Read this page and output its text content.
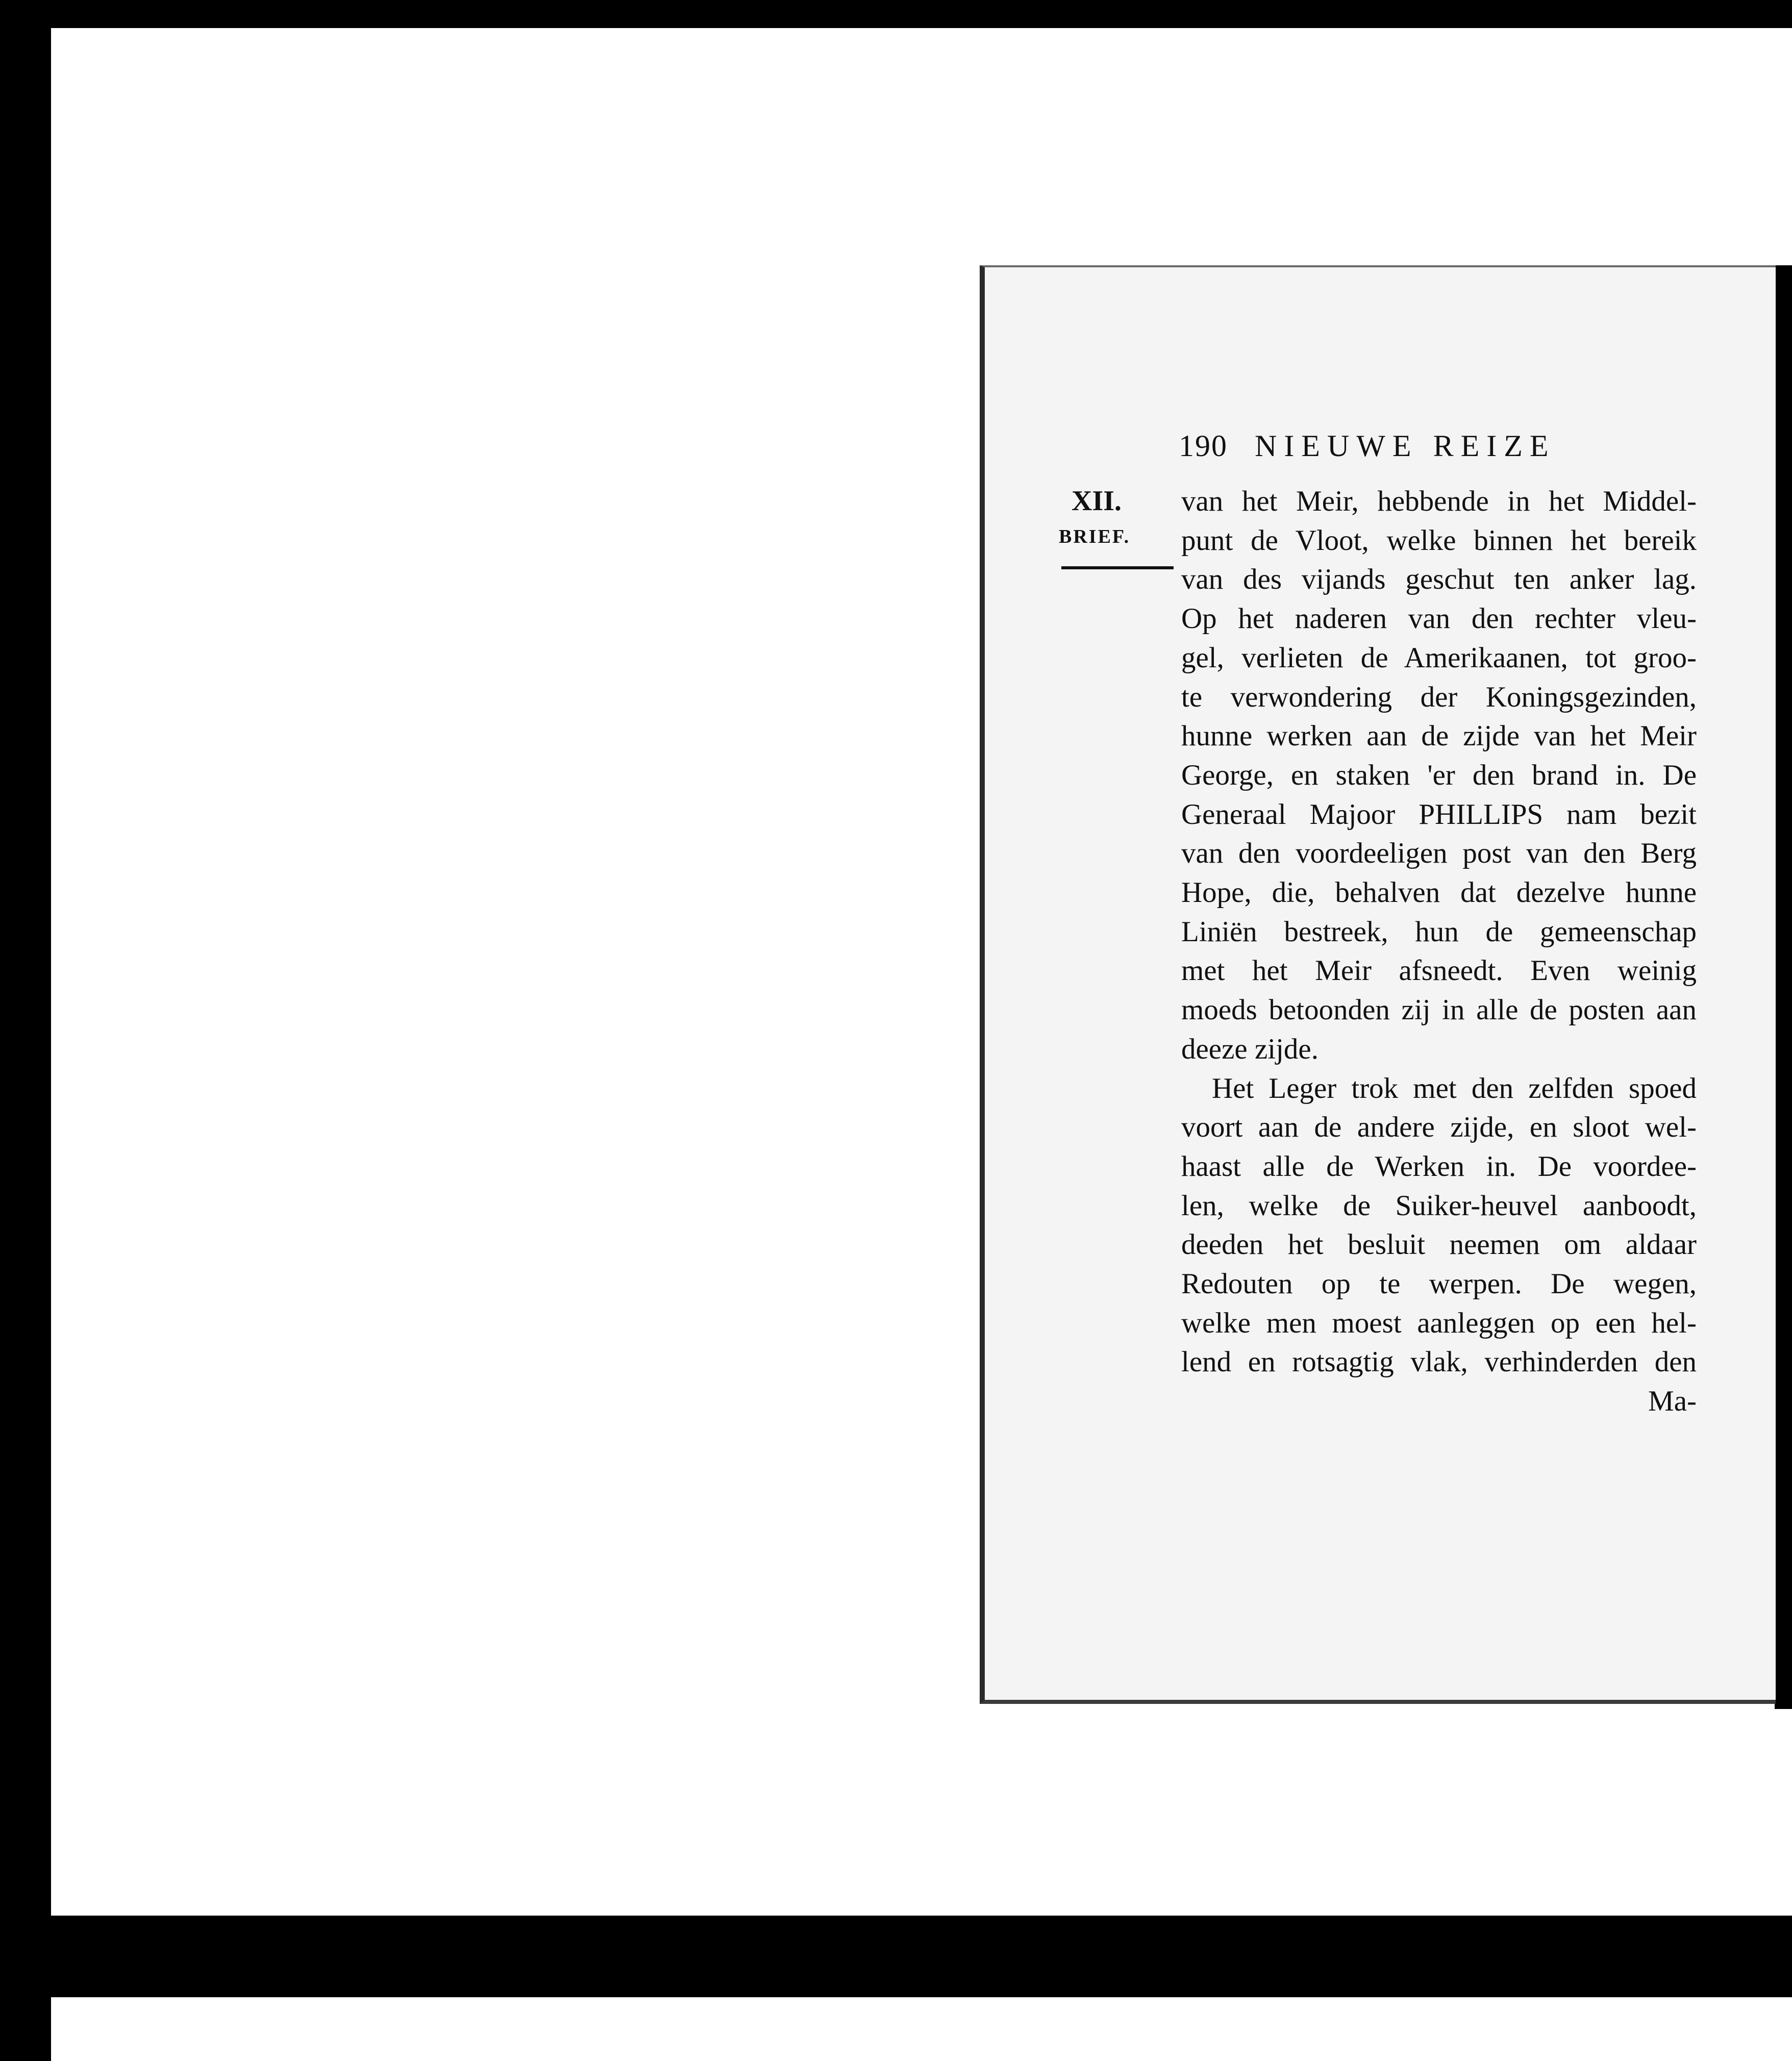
190 NIEUWE REIZE
XII.
BRIEF.
van het Meir, hebbende in het Middel-
punt de Vloot, welke binnen het bereik
van des vijands geschut ten anker lag.
Op het naderen van den rechter vleu-
gel, verlieten de Amerikaanen, tot groo-
te verwondering der Koningsgezinden,
hunne werken aan de zijde van het Meir
George, en staken 'er den brand in. De
Generaal Majoor PHILLIPS nam bezit
van den voordeeligen post van den Berg
Hope, die, behalven dat dezelve hunne
Liniën bestreek, hun de gemeenschap
met het Meir afsneedt. Even weinig
moeds betoonden zij in alle de posten aan
deeze zijde.
Het Leger trok met den zelfden spoed
voort aan de andere zijde, en sloot wel-
haast alle de Werken in. De voordee-
len, welke de Suiker-heuvel aanboodt,
deeden het besluit neemen om aldaar
Redouten op te werpen. De wegen,
welke men moest aanleggen op een hel-
lend en rotsagtig vlak, verhinderden den
Ma-
